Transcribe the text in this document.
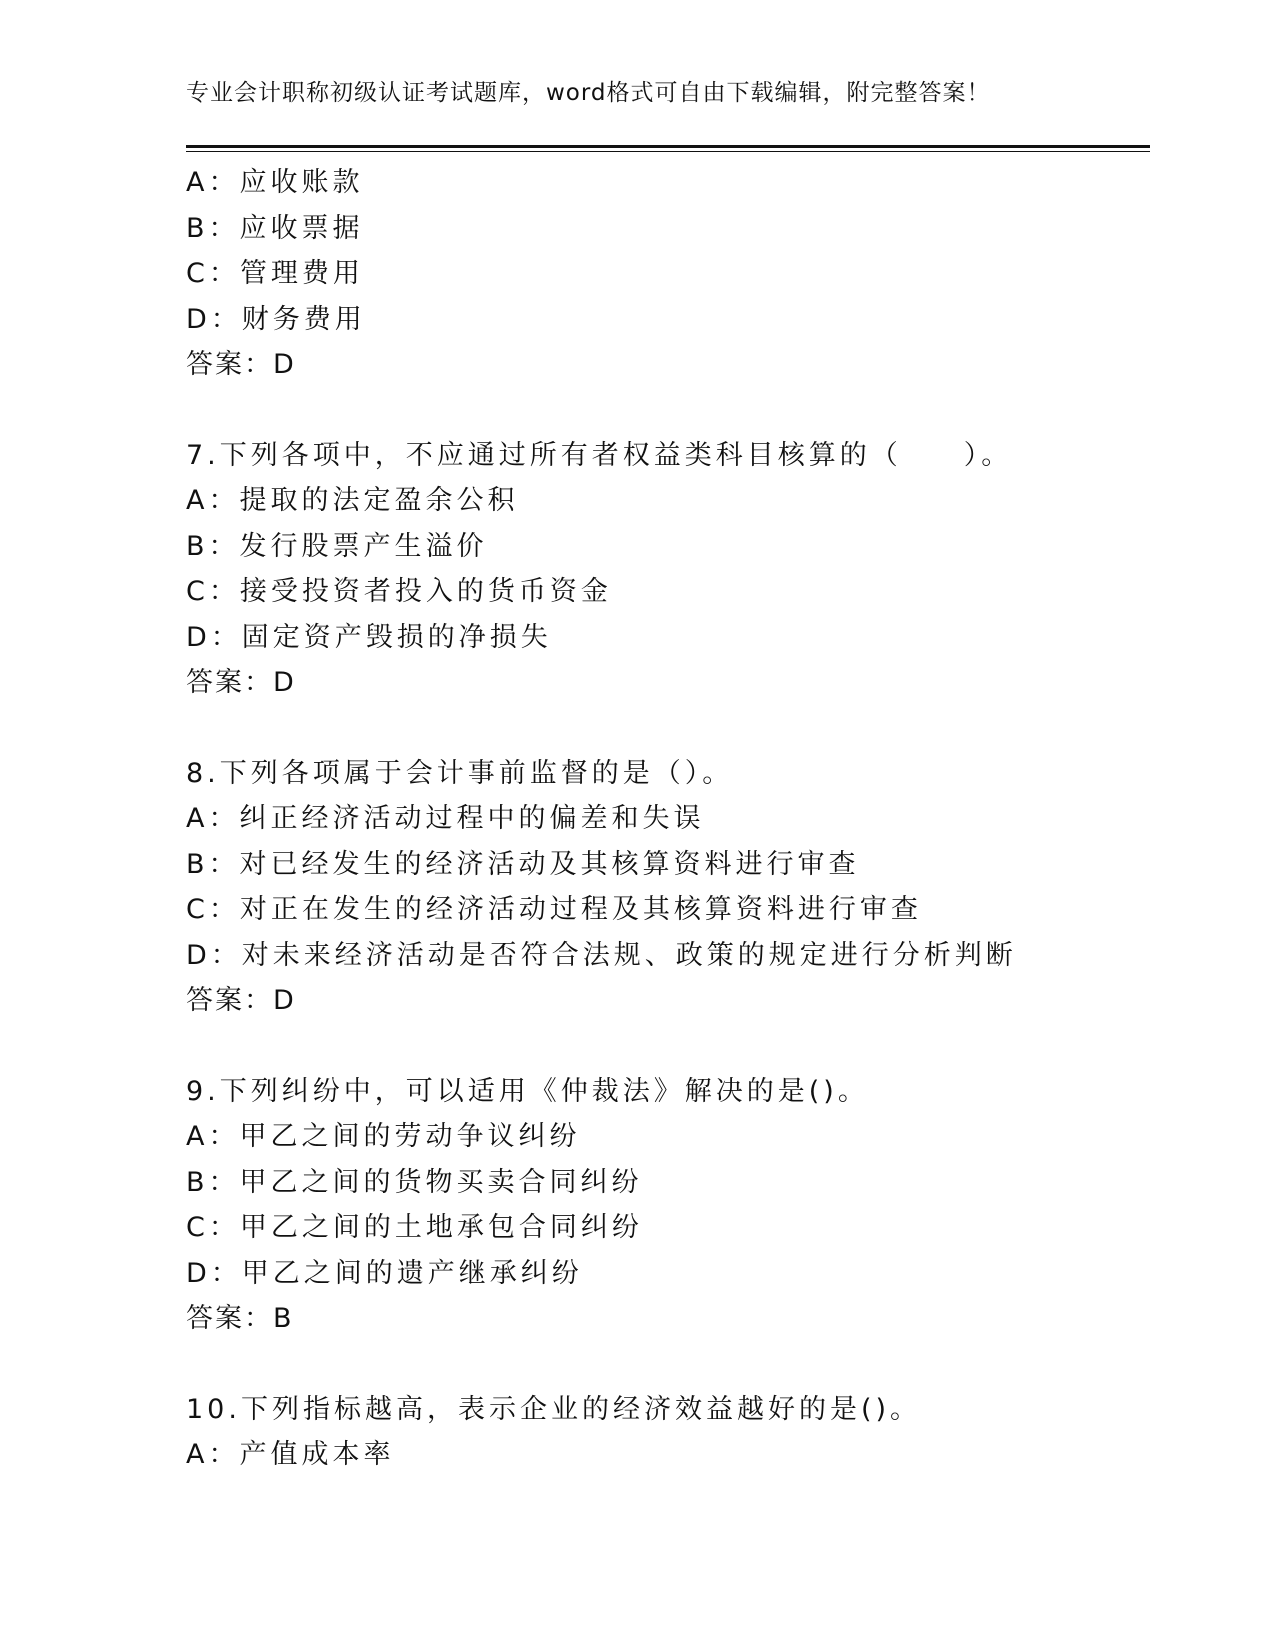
专业会计职称初级认证考试题库，word格式可自由下载编辑，附完整答案！
A：应收账款
B：应收票据
C：管理费用
D：财务费用
答案：D
7.下列各项中，不应通过所有者权益类科目核算的（　　）。
A：提取的法定盈余公积
B：发行股票产生溢价
C：接受投资者投入的货币资金
D：固定资产毁损的净损失
答案：D
8.下列各项属于会计事前监督的是（）。
A：纠正经济活动过程中的偏差和失误
B：对已经发生的经济活动及其核算资料进行审查
C：对正在发生的经济活动过程及其核算资料进行审查
D：对未来经济活动是否符合法规、政策的规定进行分析判断
答案：D
9.下列纠纷中，可以适用《仲裁法》解决的是()。
A：甲乙之间的劳动争议纠纷
B：甲乙之间的货物买卖合同纠纷
C：甲乙之间的土地承包合同纠纷
D：甲乙之间的遗产继承纠纷
答案：B
10.下列指标越高，表示企业的经济效益越好的是()。
A：产值成本率
